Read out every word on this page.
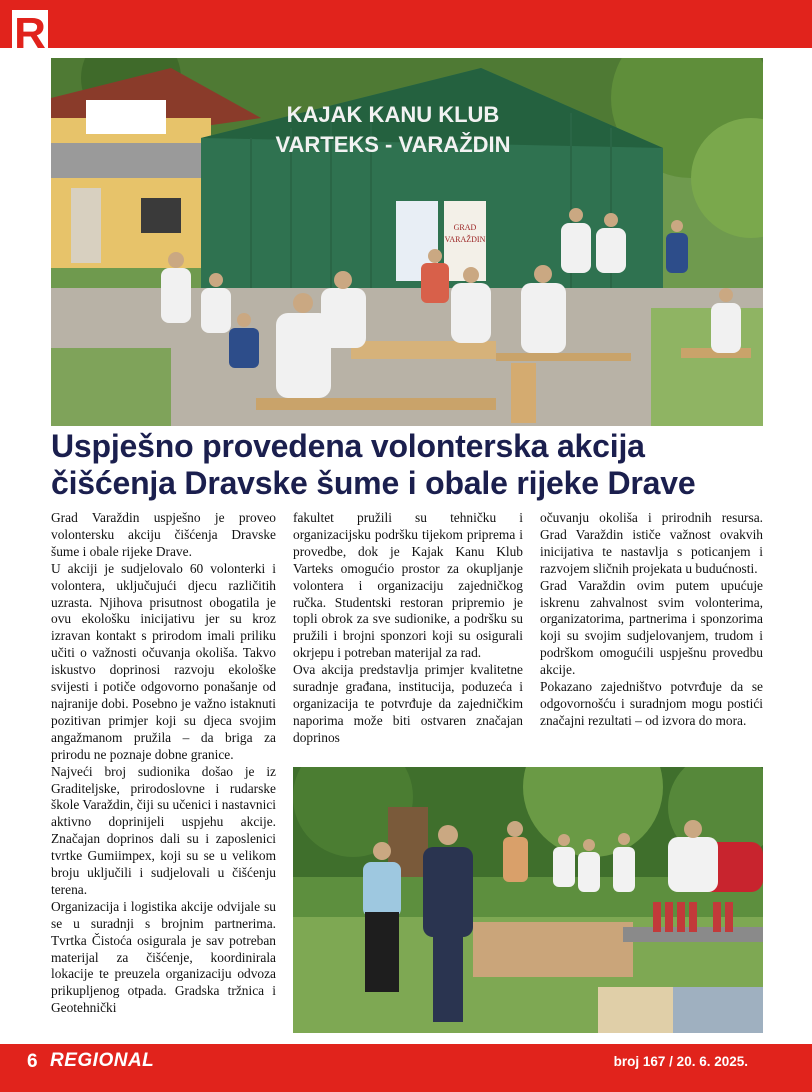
R
KAJAK KANU KLUB
VARTEKS - VARAŽDIN
GRAD
VARAŽDIN
Uspješno provedena volonterska akcija čišćenja Dravske šume i obale rijeke Drave

Grad Varaždin uspješno je proveo volontersku akciju čišćenja Dravske šume i obale rijeke Drave.

U akciji je sudjelovalo 60 volonterki i volontera, uključujući djecu različitih uzrasta. Njihova prisutnost obogatila je ovu ekološku inicijativu jer su kroz izravan kontakt s prirodom imali priliku učiti o važnosti očuvanja okoliša. Takvo iskustvo doprinosi razvoju ekološke svijesti i potiče odgovorno ponašanje od najranije dobi. Posebno je važno istaknuti pozitivan primjer koji su djeca svojim angažmanom pružila – da briga za prirodu ne poznaje dobne granice.

Najveći broj sudionika došao je iz Graditeljske, prirodoslovne i rudarske škole Varaždin, čiji su učenici i nastavnici aktivno doprinijeli uspjehu akcije. Značajan doprinos dali su i zaposlenici tvrtke Gumiimpex, koji su se u velikom broju uključili i sudjelovali u čišćenju terena.

Organizacija i logistika akcije odvijale su se u suradnji s brojnim partnerima. Tvrtka Čistoća osigurala je sav potreban materijal za čišćenje, koordinirala lokacije te preuzela organizaciju odvoza prikupljenog otpada. Gradska tržnica i Geotehnički

fakultet pružili su tehničku i organizacijsku podršku tijekom priprema i provedbe, dok je Kajak Kanu Klub Varteks omogućio prostor za okupljanje volontera i organizaciju zajedničkog ručka. Studentski restoran pripremio je topli obrok za sve sudionike, a podršku su pružili i brojni sponzori koji su osigurali okrjepu i potreban materijal za rad.

Ova akcija predstavlja primjer kvalitetne suradnje građana, institucija, poduzeća i organizacija te potvrđuje da zajedničkim naporima može biti ostvaren značajan doprinos

očuvanju okoliša i prirodnih resursa. Grad Varaždin ističe važnost ovakvih inicijativa te nastavlja s poticanjem i razvojem sličnih projekata u budućnosti.

Grad Varaždin ovim putem upućuje iskrenu zahvalnost svim volonterima, organizatorima, partnerima i sponzorima koji su svojim sudjelovanjem, trudom i podrškom omogućili uspješnu provedbu akcije.

Pokazano zajedništvo potvrđuje da se odgovornošću i suradnjom mogu postići značajni rezultati – od izvora do mora.

6 REGIONAL	broj 167 / 20. 6. 2025.
